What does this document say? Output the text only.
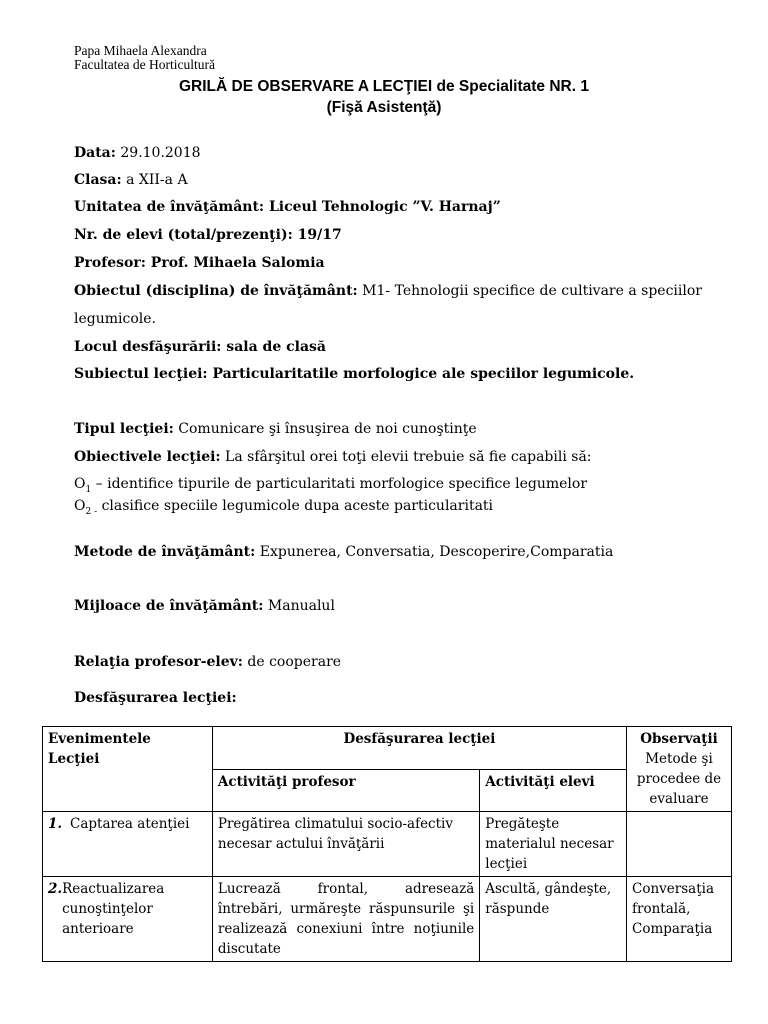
Papa Mihaela Alexandra
Facultatea de Horticultură
GRILĂ DE OBSERVARE A LECŢIEI de Specialitate NR. 1
(Fişă Asistenţă)
Data: 29.10.2018
Clasa: a XII-a A
Unitatea de învăţământ: Liceul Tehnologic ”V. Harnaj”
Nr. de elevi (total/prezenţi): 19/17
Profesor: Prof. Mihaela Salomia
Obiectul (disciplina) de învăţământ: M1- Tehnologii specifice de cultivare a speciilor
legumicole.
Locul desfăşurării: sala de clasă
Subiectul lecţiei: Particularitatile morfologice ale speciilor legumicole.
Tipul lecţiei: Comunicare şi însuşirea de noi cunoştinţe
Obiectivele lecţiei: La sfârşitul orei toţi elevii trebuie să fie capabili să:
$O_1$ – identifice tipurile de particularitati morfologice specifice legumelor
$O_{2 -}$ clasifice speciile legumicole dupa aceste particularitati
Metode de învăţământ: Expunerea, Conversatia, Descoperire,Comparatia
Mijloace de învăţământ: Manualul
Relaţia profesor-elev: de cooperare
Desfăşurarea lecţiei:
Evenimentele Lecţiei	Desfăşurarea lecţiei		Observaţii
Metode şi procedee de evaluare

	Activităţi profesor	Activităţi elevi	
1. Captarea atenţiei	Pregătirea climatului socio-afectiv necesar actului învăţării	Pregăteşte materialul necesar lecţiei	

2. Reactualizarea cunoştinţelor anterioare	Lucrează frontal, adresează întrebări, urmăreşte răspunsurile şi realizează conexiuni între noţiunile discutate	Ascultă, gândeşte, răspunde	Conversaţia frontală, Comparaţia
